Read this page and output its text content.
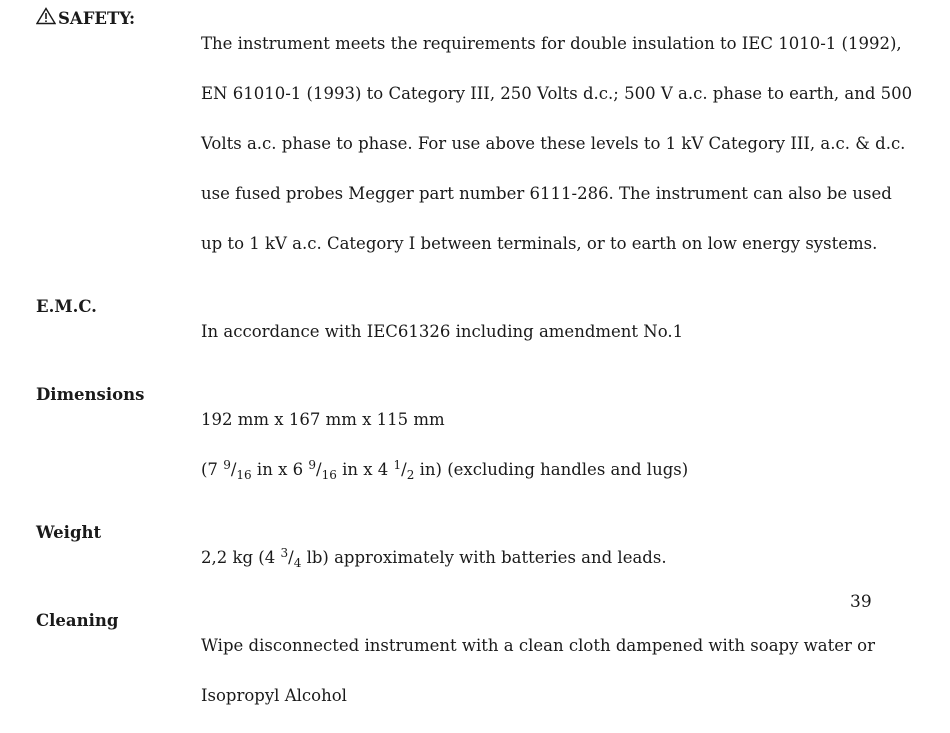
SAFETY:

The instrument meets the requirements for double insulation to IEC 1010-1 (1992),

EN 61010-1 (1993) to Category III, 250 Volts d.c.; 500 V a.c. phase to earth, and 500

Volts a.c. phase to phase. For use above these levels to 1 kV Category III, a.c. & d.c.

use fused probes Megger part number 6111-286. The instrument can also be used

up to 1 kV a.c. Category I between terminals, or to earth on low energy systems.

E.M.C.

In accordance with IEC61326 including amendment No.1

Dimensions

192 mm x 167 mm x 115 mm

(7 $^9/_{16}$ in x 6 $^9/_{16}$ in x 4 $^1/_2$ in) (excluding handles and lugs)

Weight

2,2 kg (4 $^3/_4$ lb) approximately with batteries and leads.

Cleaning

Wipe disconnected instrument with a clean cloth dampened with soapy water or

Isopropyl Alcohol

39
